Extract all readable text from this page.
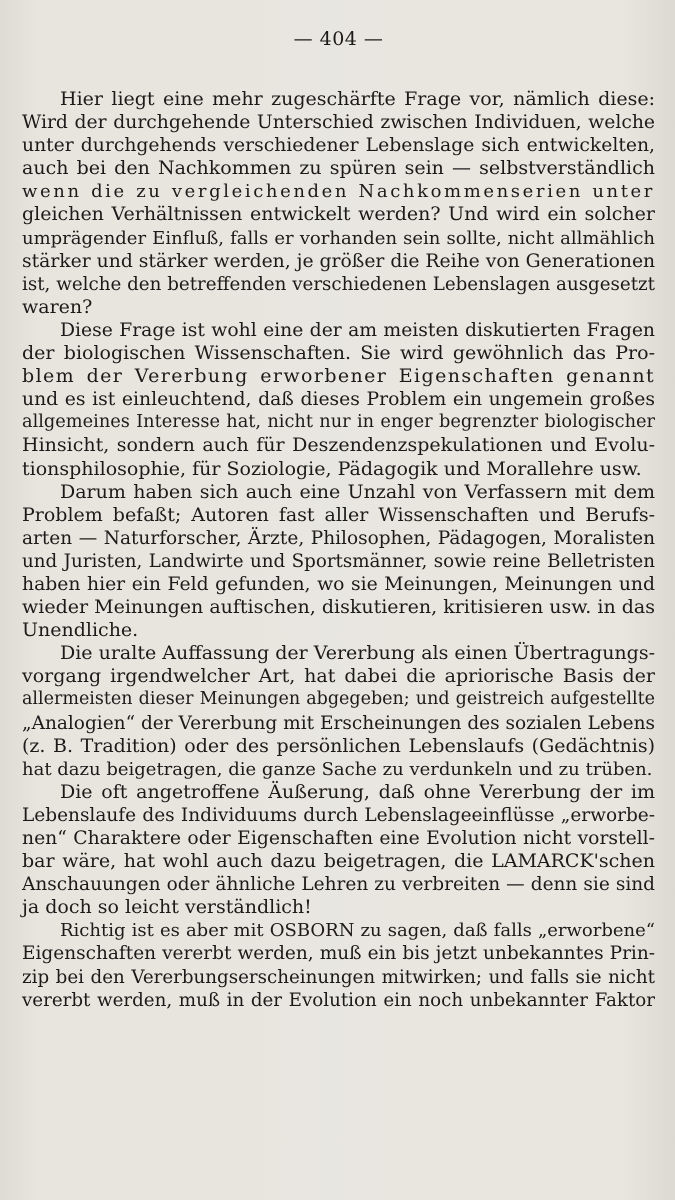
— 404 —
Hier liegt eine mehr zugeschärfte Frage vor, nämlich diese:
Wird der durchgehende Unterschied zwischen Individuen, welche
unter durchgehends verschiedener Lebenslage sich entwickelten,
auch bei den Nachkommen zu spüren sein — selbstverständlich
wenn die zu vergleichenden Nachkommenserien unter
gleichen Verhältnissen entwickelt werden? Und wird ein solcher
umprägender Einfluß, falls er vorhanden sein sollte, nicht allmählich
stärker und stärker werden, je größer die Reihe von Generationen
ist, welche den betreffenden verschiedenen Lebenslagen ausgesetzt
waren?
Diese Frage ist wohl eine der am meisten diskutierten Fragen
der biologischen Wissenschaften. Sie wird gewöhnlich das Pro-
blem der Vererbung erworbener Eigenschaften genannt
und es ist einleuchtend, daß dieses Problem ein ungemein großes
allgemeines Interesse hat, nicht nur in enger begrenzter biologischer
Hinsicht, sondern auch für Deszendenzspekulationen und Evolu-
tionsphilosophie, für Soziologie, Pädagogik und Morallehre usw.
Darum haben sich auch eine Unzahl von Verfassern mit dem
Problem befaßt; Autoren fast aller Wissenschaften und Berufs-
arten — Naturforscher, Ärzte, Philosophen, Pädagogen, Moralisten
und Juristen, Landwirte und Sportsmänner, sowie reine Belletristen
haben hier ein Feld gefunden, wo sie Meinungen, Meinungen und
wieder Meinungen auftischen, diskutieren, kritisieren usw. in das
Unendliche.
Die uralte Auffassung der Vererbung als einen Übertragungs-
vorgang irgendwelcher Art, hat dabei die apriorische Basis der
allermeisten dieser Meinungen abgegeben; und geistreich aufgestellte
„Analogien“ der Vererbung mit Erscheinungen des sozialen Lebens
(z. B. Tradition) oder des persönlichen Lebenslaufs (Gedächtnis)
hat dazu beigetragen, die ganze Sache zu verdunkeln und zu trüben.
Die oft angetroffene Äußerung, daß ohne Vererbung der im
Lebenslaufe des Individuums durch Lebenslageeinflüsse „erworbe-
nen“ Charaktere oder Eigenschaften eine Evolution nicht vorstell-
bar wäre, hat wohl auch dazu beigetragen, die LAMARCK'schen
Anschauungen oder ähnliche Lehren zu verbreiten — denn sie sind
ja doch so leicht verständlich!
Richtig ist es aber mit OSBORN zu sagen, daß falls „erworbene“
Eigenschaften vererbt werden, muß ein bis jetzt unbekanntes Prin-
zip bei den Vererbungserscheinungen mitwirken; und falls sie nicht
vererbt werden, muß in der Evolution ein noch unbekannter Faktor
